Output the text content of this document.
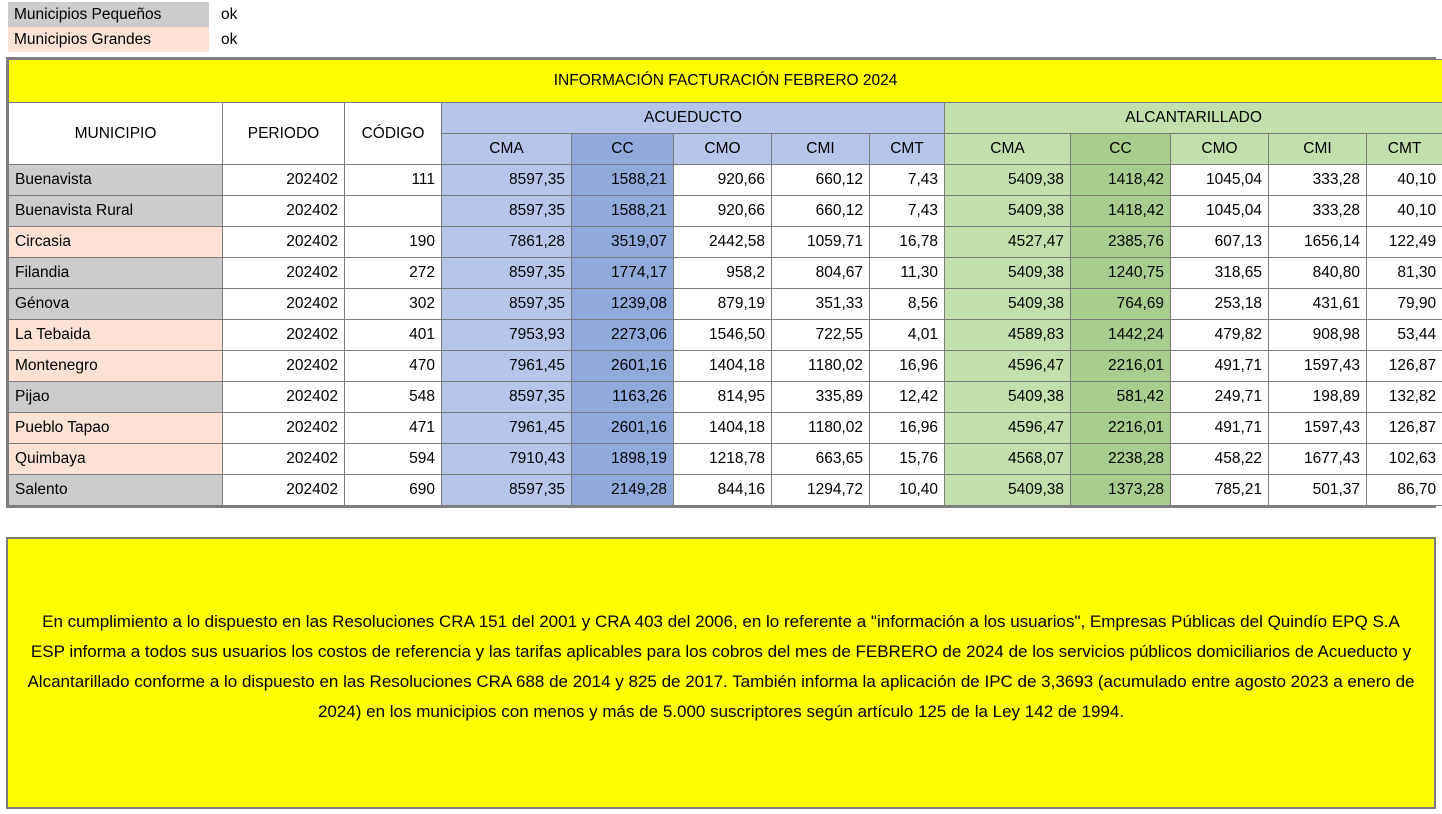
Municipios Pequeños	ok
Municipios Grandes	ok
INFORMACIÓN FACTURACIÓN FEBRERO 2024												
MUNICIPIO	PERIODO	CÓDIGO	ACUEDUCTO					ALCANTARILLADO				
			CMA	CC	CMO	CMI	CMT	CMA	CC	CMO	CMI	CMT
Buenavista	202402	111	8597,35	1588,21	920,66	660,12	7,43	5409,38	1418,42	1045,04	333,28	40,10
Buenavista Rural	202402		8597,35	1588,21	920,66	660,12	7,43	5409,38	1418,42	1045,04	333,28	40,10
Circasia	202402	190	7861,28	3519,07	2442,58	1059,71	16,78	4527,47	2385,76	607,13	1656,14	122,49
Filandia	202402	272	8597,35	1774,17	958,2	804,67	11,30	5409,38	1240,75	318,65	840,80	81,30
Génova	202402	302	8597,35	1239,08	879,19	351,33	8,56	5409,38	764,69	253,18	431,61	79,90
La Tebaida	202402	401	7953,93	2273,06	1546,50	722,55	4,01	4589,83	1442,24	479,82	908,98	53,44
Montenegro	202402	470	7961,45	2601,16	1404,18	1180,02	16,96	4596,47	2216,01	491,71	1597,43	126,87
Pijao	202402	548	8597,35	1163,26	814,95	335,89	12,42	5409,38	581,42	249,71	198,89	132,82
Pueblo Tapao	202402	471	7961,45	2601,16	1404,18	1180,02	16,96	4596,47	2216,01	491,71	1597,43	126,87
Quimbaya	202402	594	7910,43	1898,19	1218,78	663,65	15,76	4568,07	2238,28	458,22	1677,43	102,63
Salento	202402	690	8597,35	2149,28	844,16	1294,72	10,40	5409,38	1373,28	785,21	501,37	86,70
En cumplimiento a lo dispuesto en las Resoluciones CRA 151 del 2001 y CRA 403 del 2006, en lo referente a "información a los usuarios", Empresas Públicas del Quindío EPQ S.A ESP informa a todos sus usuarios los costos de referencia y las tarifas aplicables para los cobros del mes de FEBRERO de 2024 de los servicios públicos domiciliarios de Acueducto y Alcantarillado conforme a lo dispuesto en las Resoluciones CRA 688 de 2014 y 825 de 2017. También informa la aplicación de IPC de 3,3693 (acumulado entre agosto 2023 a enero de 2024) en los municipios con menos y más de 5.000 suscriptores según artículo 125 de la Ley 142 de 1994.
